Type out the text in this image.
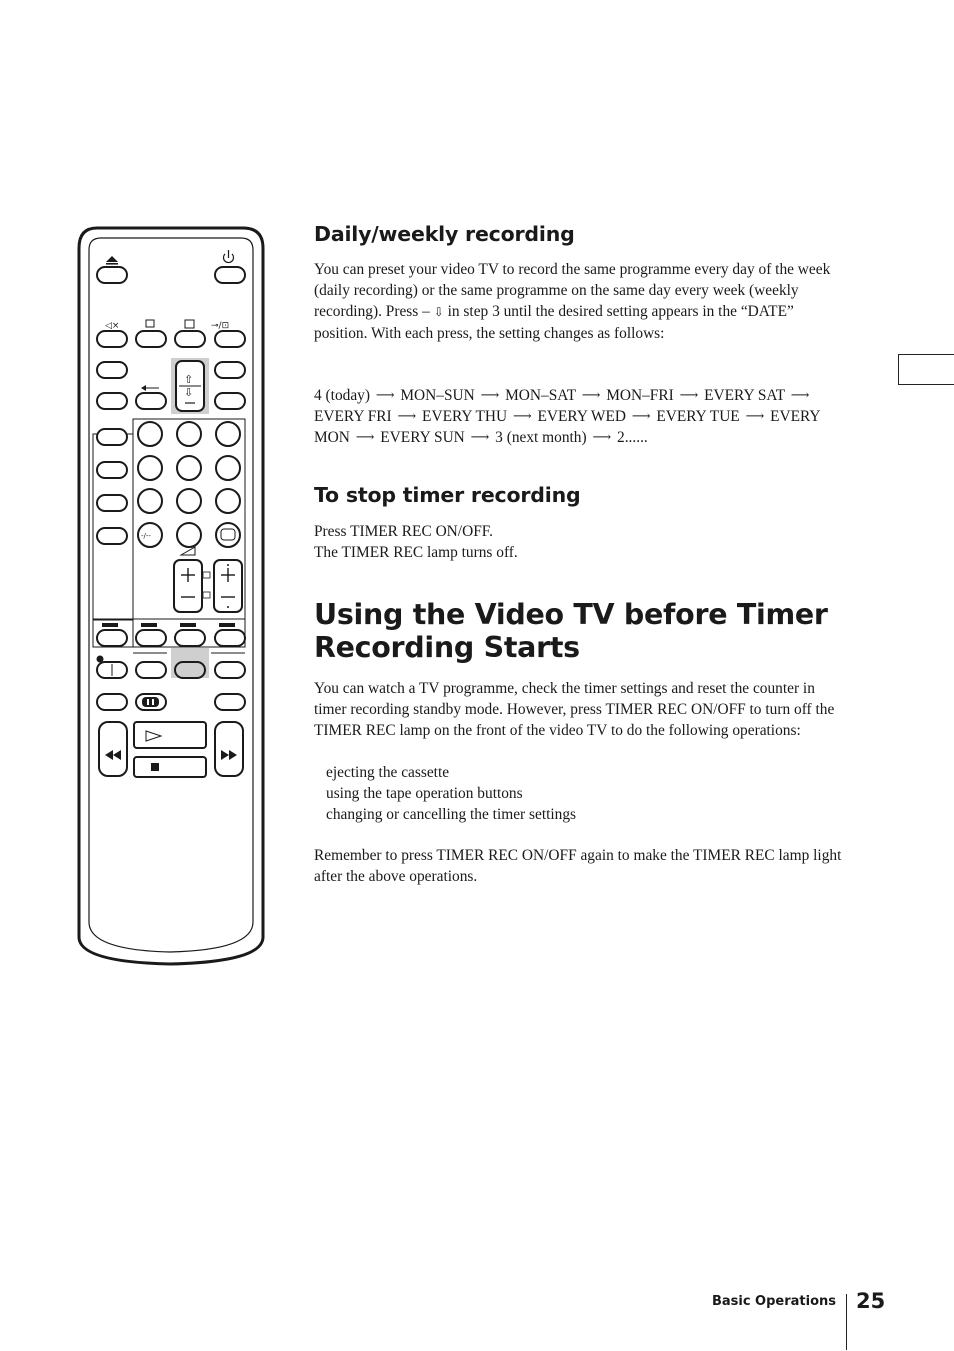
◁×	⊸/⊡
⇧
⇩
-/--
Daily/weekly recording

You can preset your video TV to record the same programme every day of the week (daily recording) or the same programme on the same day every week (weekly recording). Press – ⇩ in step 3 until the desired setting appears in the “DATE” position. With each press, the setting changes as follows:

4 (today) ⟶ MON–SUN ⟶ MON–SAT ⟶ MON–FRI ⟶ EVERY SAT ⟶ EVERY FRI ⟶ EVERY THU ⟶ EVERY WED ⟶ EVERY TUE ⟶ EVERY MON ⟶ EVERY SUN ⟶ 3 (next month) ⟶ 2......

To stop timer recording

Press TIMER REC ON/OFF.
The TIMER REC lamp turns off.

Using the Video TV before Timer
Recording Starts

You can watch a TV programme, check the timer settings and reset the counter in timer recording standby mode. However, press TIMER REC ON/OFF to turn off the TIMER REC lamp on the front of the video TV to do the following operations:

ejecting the cassette
using the tape operation buttons
changing or cancelling the timer settings

Remember to press TIMER REC ON/OFF again to make the TIMER REC lamp light after the above operations.

Basic Operations 25
